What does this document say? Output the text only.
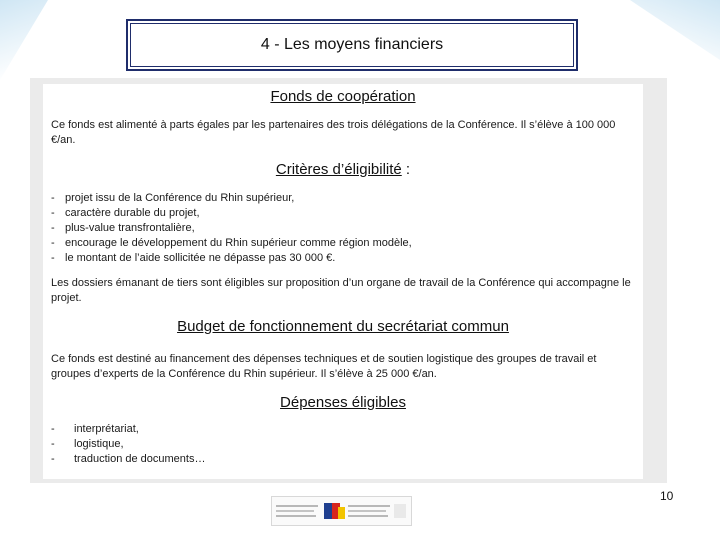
4 - Les moyens financiers
Fonds de coopération
Ce fonds est alimenté à parts égales par les partenaires des trois délégations de la Conférence. Il s’élève à 100 000 €/an.
Critères d’éligibilité :
- projet issu de la Conférence du Rhin supérieur,
- caractère durable du projet,
- plus-value transfrontalière,
- encourage le développement du Rhin supérieur comme région modèle,
- le montant de l’aide sollicitée ne dépasse pas 30 000 €.
Les dossiers émanant de tiers sont éligibles sur proposition d’un organe de travail de la Conférence qui accompagne le projet.
Budget de fonctionnement du secrétariat commun
Ce fonds est destiné au financement des dépenses techniques et de soutien logistique des groupes de travail et groupes d’experts de la Conférence du Rhin supérieur. Il s’élève à 25 000 €/an.
Dépenses éligibles
-	interprétariat,
-	logistique,
-	traduction de documents…
10
